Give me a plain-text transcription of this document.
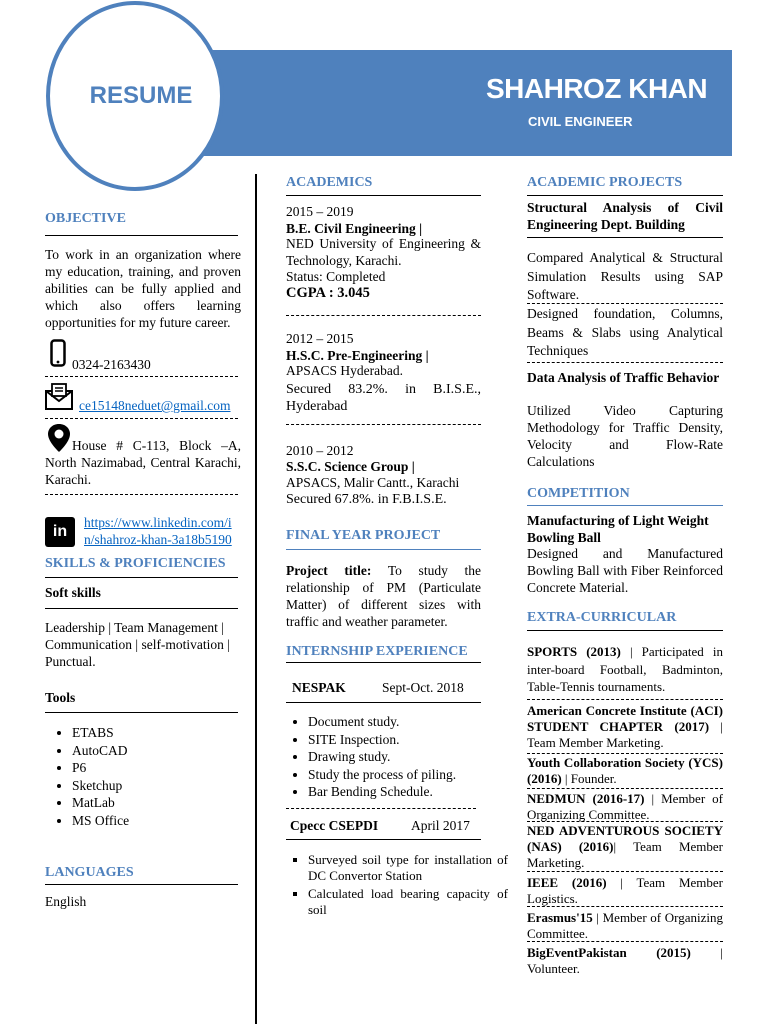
RESUME	SHAHROZ KHAN
CIVIL ENGINEER
OBJECTIVE
To work in an organization where my education, training, and proven abilities can be fully applied and which also offers learning opportunities for my future career.
0324-2163430
ce15148neduet@gmail.com
House # C-113, Block –A, North Nazimabad, Central Karachi, Karachi.
in
https://www.linkedin.com/in/shahroz-khan-3a18b5190
SKILLS & PROFICIENCIES
Soft skills
Leadership | Team Management | Communication | self-motivation | Punctual.
Tools
• ETABS
• AutoCAD
• P6
• Sketchup
• MatLab
• MS Office
LANGUAGES
English
ACADEMICS
2015 – 2019
B.E. Civil Engineering |
NED University of Engineering & Technology, Karachi.
Status: Completed
CGPA : 3.045
2012 – 2015
H.S.C. Pre-Engineering |
APSACS Hyderabad.
Secured 83.2%. in B.I.S.E., Hyderabad
2010 – 2012
S.S.C. Science Group |
APSACS, Malir Cantt., Karachi
Secured 67.8%. in F.B.I.S.E.
FINAL YEAR PROJECT
Project title: To study the relationship of PM (Particulate Matter) of different sizes with traffic and weather parameter.
INTERNSHIP EXPERIENCE
NESPAK	Sept-Oct. 2018
• Document study.
• SITE Inspection.
• Drawing study.
• Study the process of piling.
• Bar Bending Schedule.
Cpecc CSEPDI April 2017
▪ Surveyed soil type for installation of DC Convertor Station
▪ Calculated load bearing capacity of soil
ACADEMIC PROJECTS
Structural Analysis of Civil Engineering Dept. Building
Compared Analytical & Structural Simulation Results using SAP Software.
Designed foundation, Columns, Beams & Slabs using Analytical Techniques
Data Analysis of Traffic Behavior
Utilized Video Capturing Methodology for Traffic Density, Velocity and Flow-Rate Calculations
COMPETITION
Manufacturing of Light Weight Bowling Ball
Designed and Manufactured Bowling Ball with Fiber Reinforced Concrete Material.
EXTRA-CURRICULAR
SPORTS (2013) | Participated in inter-board Football, Badminton, Table-Tennis tournaments.
American Concrete Institute (ACI) STUDENT CHAPTER (2017) | Team Member Marketing.
Youth Collaboration Society (YCS) (2016) | Founder.
NEDMUN (2016-17) | Member of Organizing Committee.
NED ADVENTUROUS SOCIETY (NAS) (2016)| Team Member Marketing.
IEEE (2016) | Team Member Logistics.
Erasmus'15 | Member of Organizing Committee.
BigEventPakistan (2015) | Volunteer.
